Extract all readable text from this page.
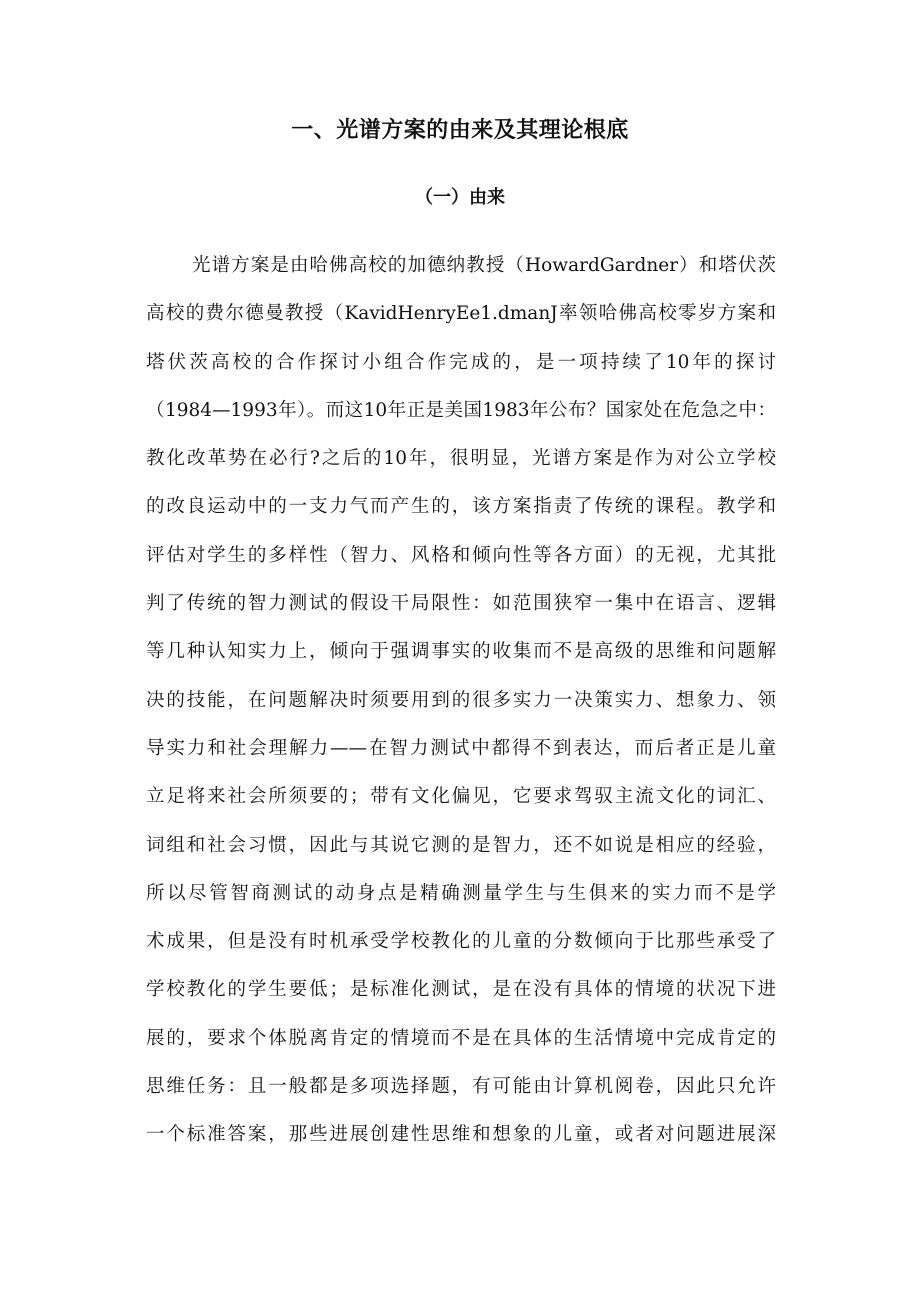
一、光谱方案的由来及其理论根底
（一）由来
光谱方案是由哈佛高校的加德纳教授（HowardGardner）和塔伏茨
高校的费尔德曼教授（KavidHenryEe1.dmanJ率领哈佛高校零岁方案和
塔伏茨高校的合作探讨小组合作完成的，是一项持续了10年的探讨
（1984—1993年）。而这10年正是美国1983年公布？国家处在危急之中：
教化改革势在必行?之后的10年，很明显，光谱方案是作为对公立学校
的改良运动中的一支力气而产生的，该方案指责了传统的课程。教学和
评估对学生的多样性（智力、风格和倾向性等各方面）的无视，尤其批
判了传统的智力测试的假设干局限性：如范围狭窄一集中在语言、逻辑
等几种认知实力上，倾向于强调事实的收集而不是高级的思维和问题解
决的技能，在问题解决时须要用到的很多实力一决策实力、想象力、领
导实力和社会理解力——在智力测试中都得不到表达，而后者正是儿童
立足将来社会所须要的；带有文化偏见，它要求驾驭主流文化的词汇、
词组和社会习惯，因此与其说它测的是智力，还不如说是相应的经验，
所以尽管智商测试的动身点是精确测量学生与生俱来的实力而不是学
术成果，但是没有时机承受学校教化的儿童的分数倾向于比那些承受了
学校教化的学生要低；是标准化测试，是在没有具体的情境的状况下进
展的，要求个体脱离肯定的情境而不是在具体的生活情境中完成肯定的
思维任务：且一般都是多项选择题，有可能由计算机阅卷，因此只允许
一个标准答案，那些进展创建性思维和想象的儿童，或者对问题进展深
